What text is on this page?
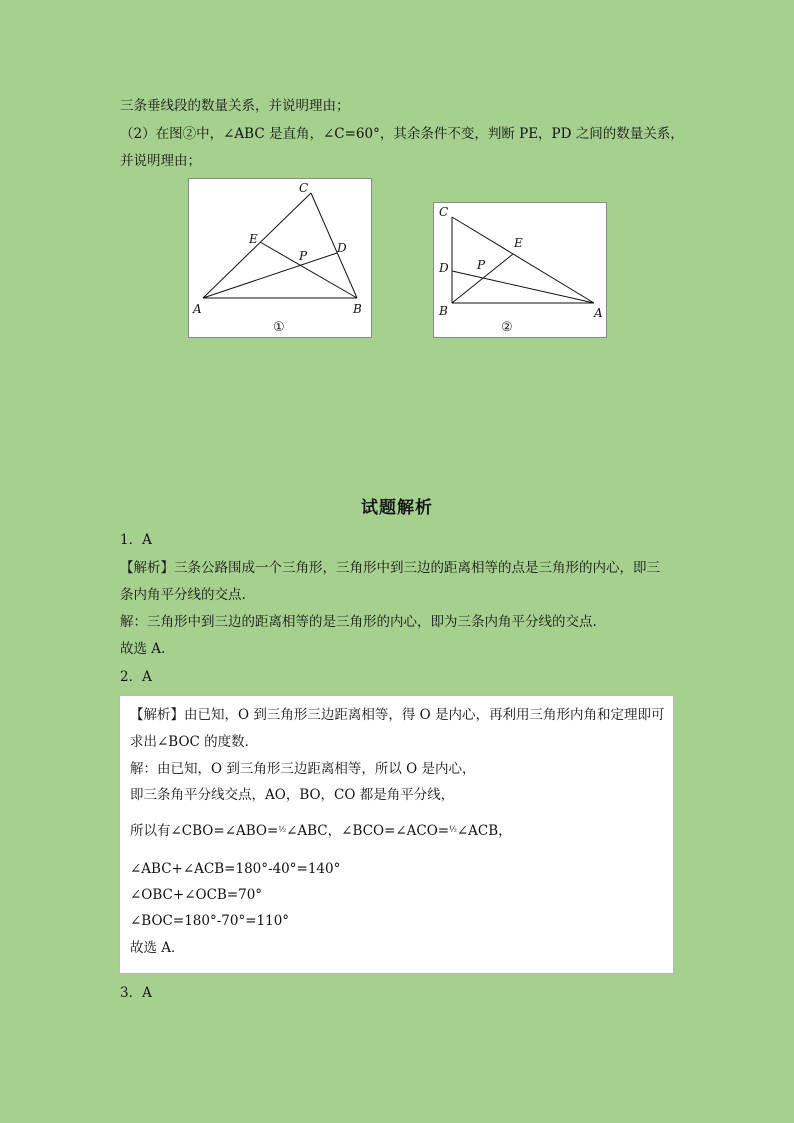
三条垂线段的数量关系，并说明理由；
（2）在图②中，∠ABC 是直角，∠C=60°，其余条件不变，判断 PE，PD 之间的数量关系，
并说明理由；
C
E
D
P
A	B
①
C
E
D P
B	A
②
试题解析
1．A
【解析】三条公路围成一个三角形，三角形中到三边的距离相等的点是三角形的内心，即三
条内角平分线的交点.
解：三角形中到三边的距离相等的是三角形的内心，即为三条内角平分线的交点.
故选 A.
2．A
【解析】由已知，O 到三角形三边距离相等，得 O 是内心，再利用三角形内角和定理即可
求出∠BOC 的度数．
解：由已知，O 到三角形三边距离相等，所以 O 是内心，
即三条角平分线交点，AO，BO，CO 都是角平分线，
所以有∠CBO=∠ABO=$^{\frac{1}{2}}$∠ABC，∠BCO=∠ACO=$^{\frac{1}{2}}$∠ACB，
∠ABC+∠ACB=180°-40°=140°
∠OBC+∠OCB=70°
∠BOC=180°-70°=110°
故选 A．
3．A
